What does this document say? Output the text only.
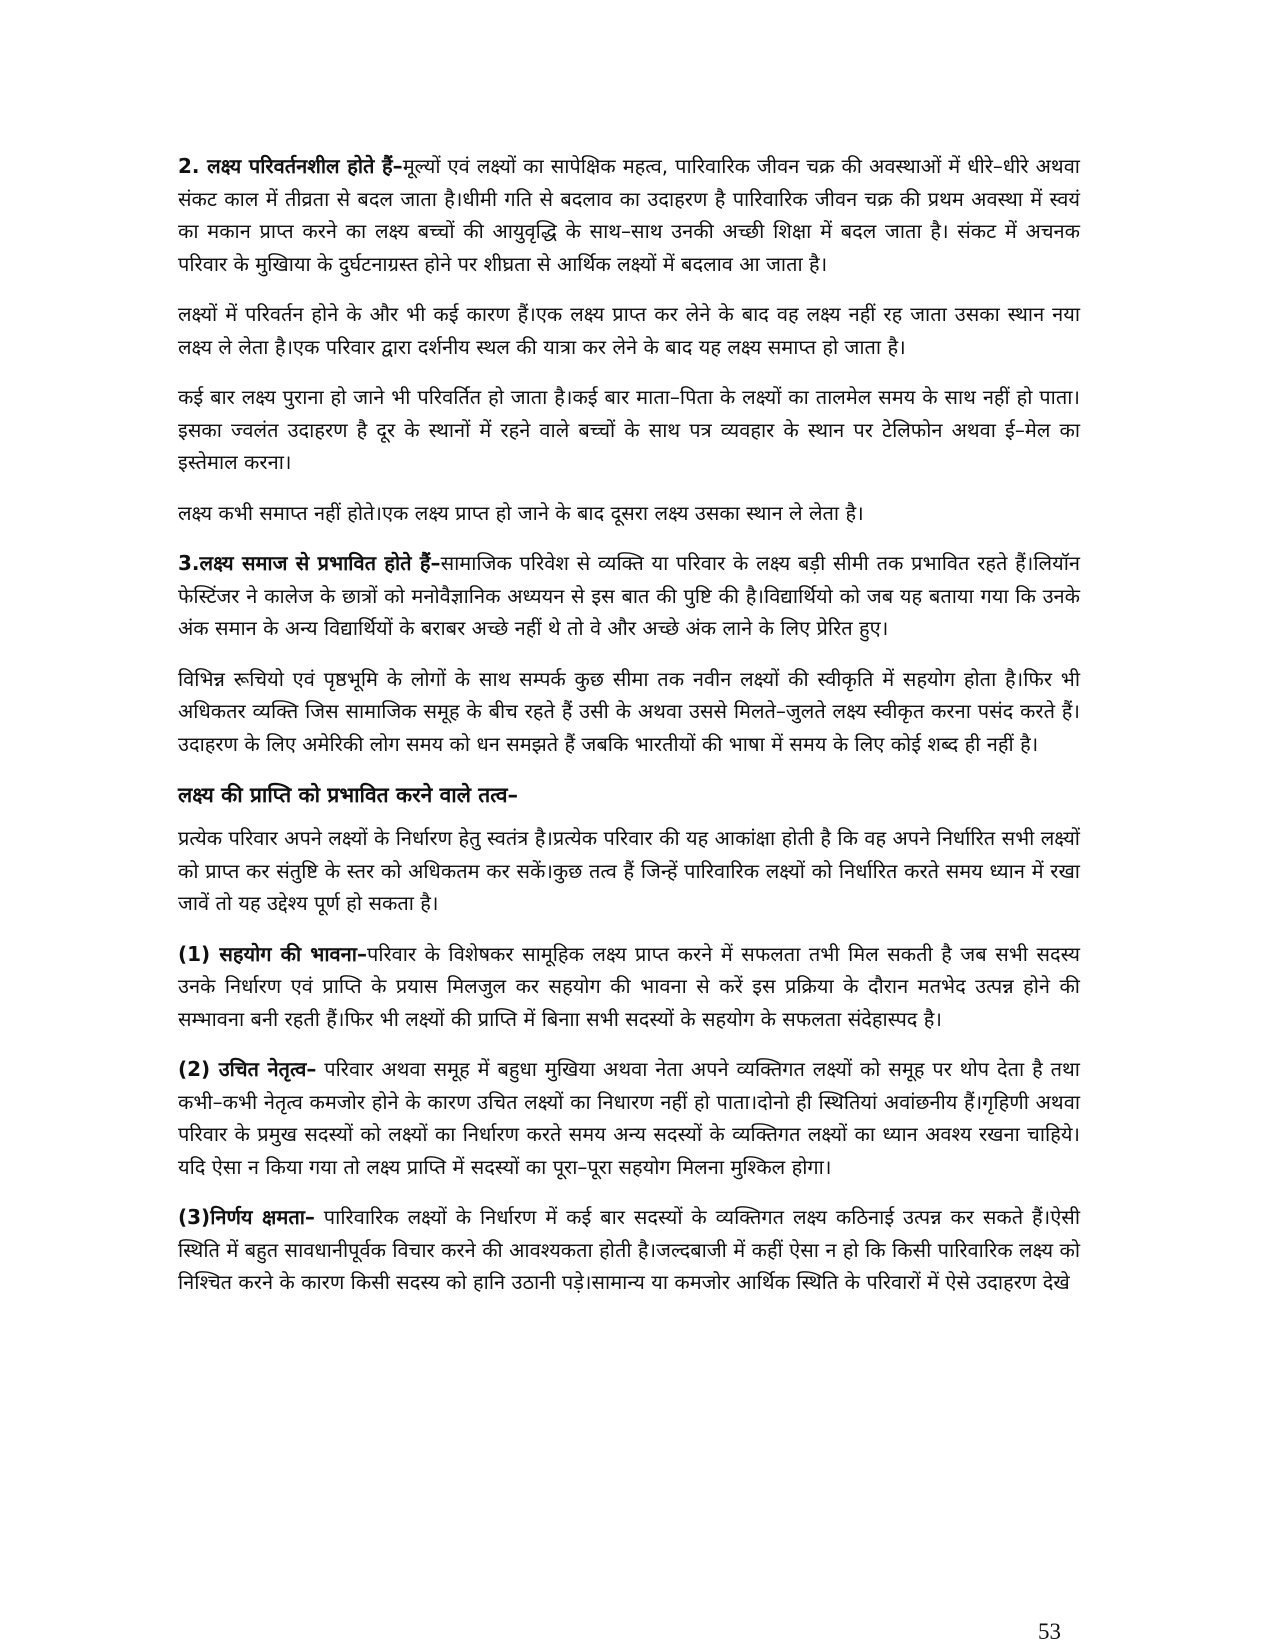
2. लक्ष्य परिवर्तनशील होते हैं–मूल्यों एवं लक्ष्यों का सापेक्षिक महत्व, पारिवारिक जीवन चक्र की अवस्थाओं में धीरे–धीरे अथवा संकट काल में तीव्रता से बदल जाता है।धीमी गति से बदलाव का उदाहरण है पारिवारिक जीवन चक्र की प्रथम अवस्था में स्वयं का मकान प्राप्त करने का लक्ष्य बच्चों की आयुवृद्धि के साथ–साथ उनकी अच्छी शिक्षा में बदल जाता है। संकट में अचनक परिवार के मुखिाया के दुर्घटनाग्रस्त होने पर शीघ्रता से आर्थिक लक्ष्यों में बदलाव आ जाता है।

लक्ष्यों में परिवर्तन होने के और भी कई कारण हैं।एक लक्ष्य प्राप्त कर लेने के बाद वह लक्ष्य नहीं रह जाता उसका स्थान नया लक्ष्य ले लेता है।एक परिवार द्वारा दर्शनीय स्थल की यात्रा कर लेने के बाद यह लक्ष्य समाप्त हो जाता है।

कई बार लक्ष्य पुराना हो जाने भी परिवर्तित हो जाता है।कई बार माता–पिता के लक्ष्यों का तालमेल समय के साथ नहीं हो पाता। इसका ज्वलंत उदाहरण है दूर के स्थानों में रहने वाले बच्चों के साथ पत्र व्यवहार के स्थान पर टेलिफोन अथवा ई–मेल का इस्तेमाल करना।

लक्ष्य कभी समाप्त नहीं होते।एक लक्ष्य प्राप्त हो जाने के बाद दूसरा लक्ष्य उसका स्थान ले लेता है।

3.लक्ष्य समाज से प्रभावित होते हैं–सामाजिक परिवेश से व्यक्ति या परिवार के लक्ष्य बड़ी सीमी तक प्रभावित रहते हैं।लियॉन फेस्टिंजर ने कालेज के छात्रों को मनोवैज्ञानिक अध्ययन से इस बात की पुष्टि की है।विद्यार्थियो को जब यह बताया गया कि उनके अंक समान के अन्य विद्यार्थियों के बराबर अच्छे नहीं थे तो वे और अच्छे अंक लाने के लिए प्रेरित हुए।

विभिन्न रूचियो एवं पृष्ठभूमि के लोगों के साथ सम्पर्क कुछ सीमा तक नवीन लक्ष्यों की स्वीकृति में सहयोग होता है।फिर भी अधिकतर व्यक्ति जिस सामाजिक समूह के बीच रहते हैं उसी के अथवा उससे मिलते–जुलते लक्ष्य स्वीकृत करना पसंद करते हैं।उदाहरण के लिए अमेरिकी लोग समय को धन समझते हैं जबकि भारतीयों की भाषा में समय के लिए कोई शब्द ही नहीं है।

लक्ष्य की प्राप्ति को प्रभावित करने वाले तत्व–

प्रत्येक परिवार अपने लक्ष्यों के निर्धारण हेतु स्वतंत्र है।प्रत्येक परिवार की यह आकांक्षा होती है कि वह अपने निर्धारित सभी लक्ष्यों को प्राप्त कर संतुष्टि के स्तर को अधिकतम कर सकें।कुछ तत्व हैं जिन्हें पारिवारिक लक्ष्यों को निर्धारित करते समय ध्यान में रखा जावें तो यह उद्देश्य पूर्ण हो सकता है।

(1) सहयोग की भावना–परिवार के विशेषकर सामूहिक लक्ष्य प्राप्त करने में सफलता तभी मिल सकती है जब सभी सदस्य उनके निर्धारण एवं प्राप्ति के प्रयास मिलजुल कर सहयोग की भावना से करें इस प्रक्रिया के दौरान मतभेद उत्पन्न होने की सम्भावना बनी रहती हैं।फिर भी लक्ष्यों की प्राप्ति में बिनाा सभी सदस्यों के सहयोग के सफलता संदेहास्पद है।

(2) उचित नेतृत्व– परिवार अथवा समूह में बहुधा मुखिया अथवा नेता अपने व्यक्तिगत लक्ष्यों को समूह पर थोप देता है तथा कभी–कभी नेतृत्व कमजोर होने के कारण उचित लक्ष्यों का निधारण नहीं हो पाता।दोनो ही स्थितियां अवांछनीय हैं।गृहिणी अथवा परिवार के प्रमुख सदस्यों को लक्ष्यों का निर्धारण करते समय अन्य सदस्यों के व्यक्तिगत लक्ष्यों का ध्यान अवश्य रखना चाहिये।यदि ऐसा न किया गया तो लक्ष्य प्राप्ति में सदस्यों का पूरा–पूरा सहयोग मिलना मुश्किल होगा।

(3)निर्णय क्षमता– पारिवारिक लक्ष्यों के निर्धारण में कई बार सदस्यों के व्यक्तिगत लक्ष्य कठिनाई उत्पन्न कर सकते हैं।ऐसी स्थिति में बहुत सावधानीपूर्वक विचार करने की आवश्यकता होती है।जल्दबाजी में कहीं ऐसा न हो कि किसी पारिवारिक लक्ष्य को निश्चित करने के कारण किसी सदस्य को हानि उठानी पड़े।सामान्य या कमजोर आर्थिक स्थिति के परिवारों में ऐसे उदाहरण देखे

53
